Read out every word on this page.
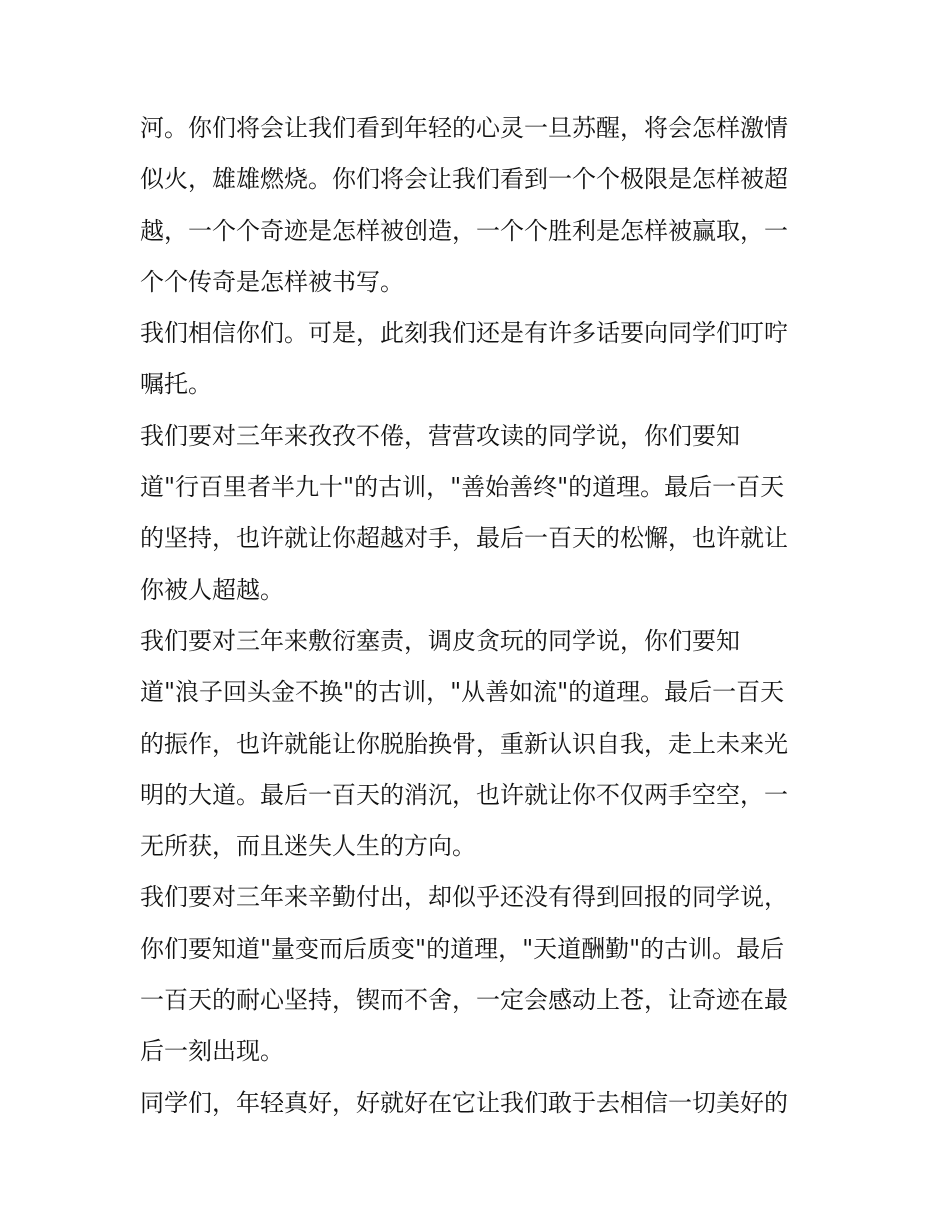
河。你们将会让我们看到年轻的心灵一旦苏醒，将会怎样激情
似火，雄雄燃烧。你们将会让我们看到一个个极限是怎样被超
越，一个个奇迹是怎样被创造，一个个胜利是怎样被赢取，一
个个传奇是怎样被书写。
我们相信你们。可是，此刻我们还是有许多话要向同学们叮咛
嘱托。
我们要对三年来孜孜不倦，营营攻读的同学说，你们要知
道"行百里者半九十"的古训，"善始善终"的道理。最后一百天
的坚持，也许就让你超越对手，最后一百天的松懈，也许就让
你被人超越。
我们要对三年来敷衍塞责，调皮贪玩的同学说，你们要知
道"浪子回头金不换"的古训，"从善如流"的道理。最后一百天
的振作，也许就能让你脱胎换骨，重新认识自我，走上未来光
明的大道。最后一百天的消沉，也许就让你不仅两手空空，一
无所获，而且迷失人生的方向。
我们要对三年来辛勤付出，却似乎还没有得到回报的同学说，
你们要知道"量变而后质变"的道理，"天道酬勤"的古训。最后
一百天的耐心坚持，锲而不舍，一定会感动上苍，让奇迹在最
后一刻出现。
同学们，年轻真好，好就好在它让我们敢于去相信一切美好的
